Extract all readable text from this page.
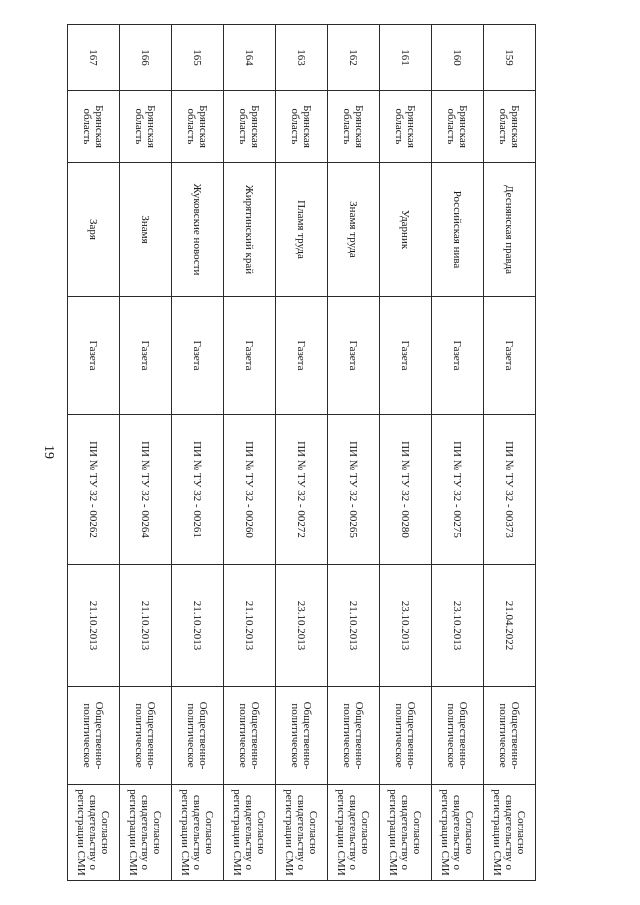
19
159	Брянская область	Деснянская правда	Газета	ПИ № ТУ 32 - 00373	21.04.2022	Общественно-политическое	Согласно свидетельству о регистрации СМИ
160	Брянская область	Российская нива	Газета	ПИ № ТУ 32 - 00275	23.10.2013	Общественно-политическое	Согласно свидетельству о регистрации СМИ
161	Брянская область	Ударник	Газета	ПИ № ТУ 32 - 00280	23.10.2013	Общественно-политическое	Согласно свидетельству о регистрации СМИ
162	Брянская область	Знамя труда	Газета	ПИ № ТУ 32 - 00265	21.10.2013	Общественно-политическое	Согласно свидетельству о регистрации СМИ
163	Брянская область	Пламя труда	Газета	ПИ № ТУ 32 - 00272	23.10.2013	Общественно-политическое	Согласно свидетельству о регистрации СМИ
164	Брянская область	Жирятинский край	Газета	ПИ № ТУ 32 - 00260	21.10.2013	Общественно-политическое	Согласно свидетельству о регистрации СМИ
165	Брянская область	Жуковские новости	Газета	ПИ № ТУ 32 - 00261	21.10.2013	Общественно-политическое	Согласно свидетельству о регистрации СМИ
166	Брянская область	Знамя	Газета	ПИ № ТУ 32 - 00264	21.10.2013	Общественно-политическое	Согласно свидетельству о регистрации СМИ
167	Брянская область	Заря	Газета	ПИ № ТУ 32 - 00262	21.10.2013	Общественно-политическое	Согласно свидетельству о регистрации СМИ
